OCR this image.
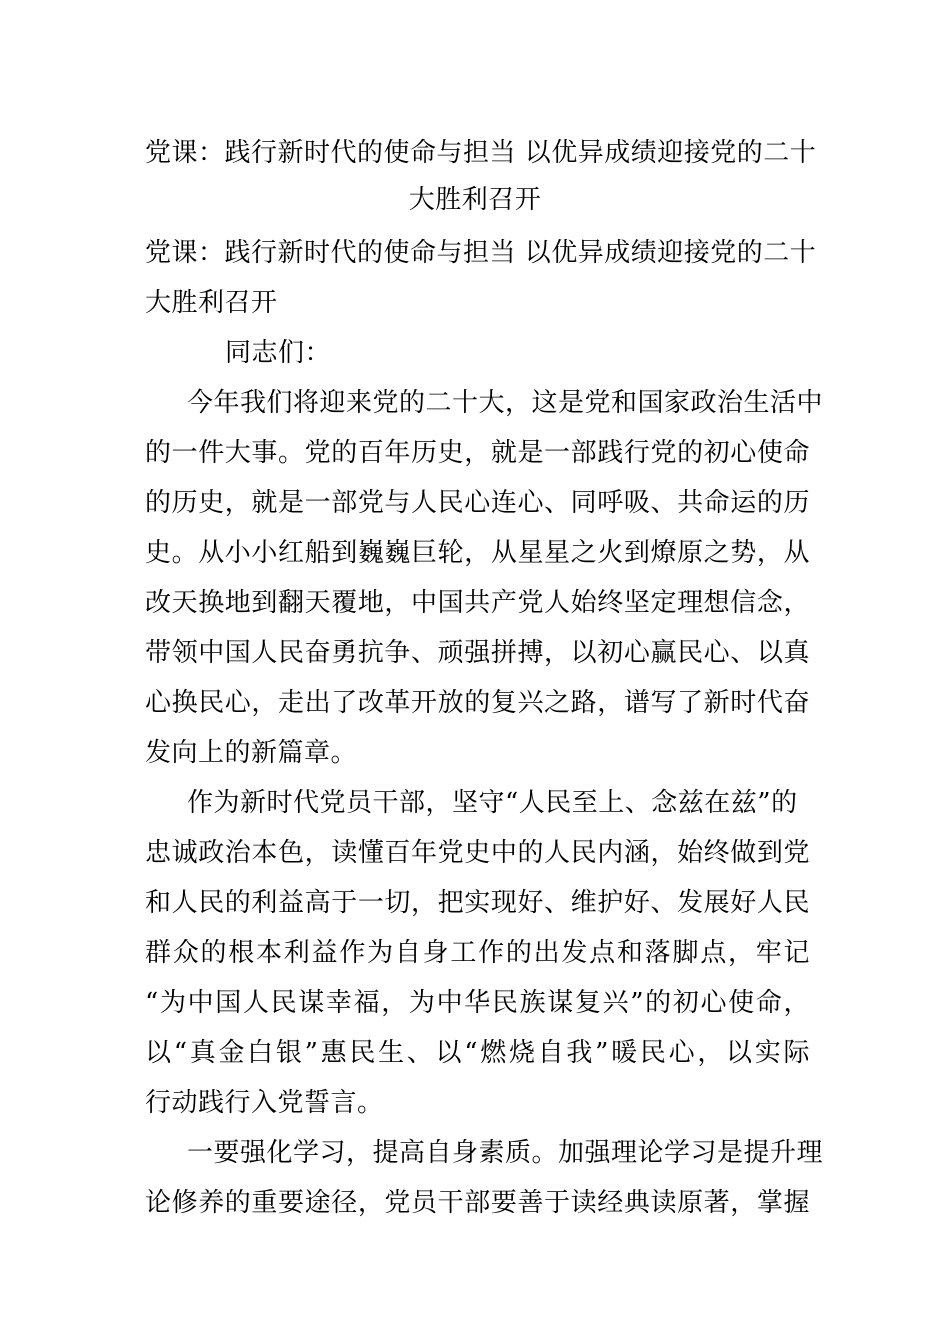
党课：践行新时代的使命与担当 以优异成绩迎接党的二十
大胜利召开
党课：践行新时代的使命与担当 以优异成绩迎接党的二十
大胜利召开

同志们：

今年我们将迎来党的二十大，这是党和国家政治生活中
的一件大事。党的百年历史，就是一部践行党的初心使命
的历史，就是一部党与人民心连心、同呼吸、共命运的历
史。从小小红船到巍巍巨轮，从星星之火到燎原之势，从
改天换地到翻天覆地，中国共产党人始终坚定理想信念，
带领中国人民奋勇抗争、顽强拼搏，以初心赢民心、以真
心换民心，走出了改革开放的复兴之路，谱写了新时代奋
发向上的新篇章。

作为新时代党员干部，坚守“人民至上、念兹在兹”的
忠诚政治本色，读懂百年党史中的人民内涵，始终做到党
和人民的利益高于一切，把实现好、维护好、发展好人民
群众的根本利益作为自身工作的出发点和落脚点，牢记
“为中国人民谋幸福，为中华民族谋复兴”的初心使命，
以“真金白银”惠民生、以“燃烧自我”暖民心，以实际
行动践行入党誓言。

一要强化学习，提高自身素质。加强理论学习是提升理
论修养的重要途径，党员干部要善于读经典读原著，掌握
